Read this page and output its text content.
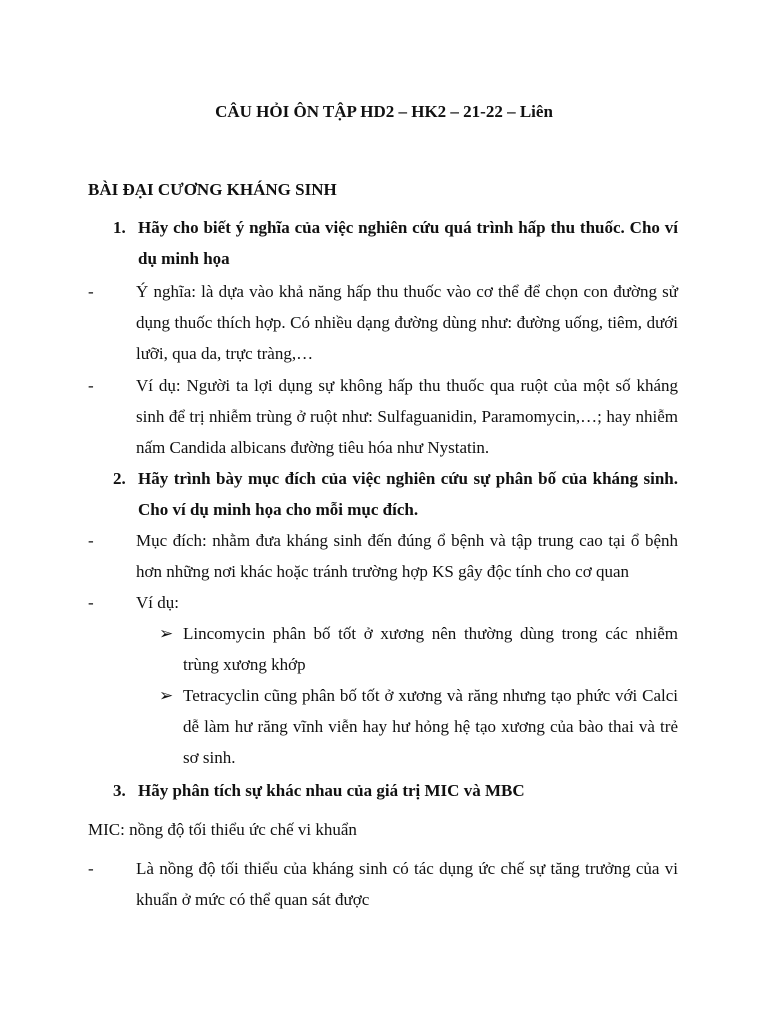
CÂU HỎI ÔN TẬP HD2 – HK2 – 21-22 – Liên
BÀI ĐẠI CƯƠNG KHÁNG SINH
1. Hãy cho biết ý nghĩa của việc nghiên cứu quá trình hấp thu thuốc. Cho ví dụ minh họa
-	Ý nghĩa: là dựa vào khả năng hấp thu thuốc vào cơ thể để chọn con đường sử dụng thuốc thích hợp. Có nhiều dạng đường dùng như: đường uống, tiêm, dưới lưỡi, qua da, trực tràng,…
-	Ví dụ: Người ta lợi dụng sự không hấp thu thuốc qua ruột của một số kháng sinh để trị nhiễm trùng ở ruột như: Sulfaguanidin, Paramomycin,…; hay nhiễm nấm Candida albicans đường tiêu hóa như Nystatin.
2. Hãy trình bày mục đích của việc nghiên cứu sự phân bố của kháng sinh. Cho ví dụ minh họa cho mỗi mục đích.
-	Mục đích: nhằm đưa kháng sinh đến đúng ổ bệnh và tập trung cao tại ổ bệnh hơn những nơi khác hoặc tránh trường hợp KS gây độc tính cho cơ quan
-	Ví dụ:
➢ Lincomycin phân bố tốt ở xương nên thường dùng trong các nhiễm trùng xương khớp
➢ Tetracyclin cũng phân bố tốt ở xương và răng nhưng tạo phức với Calci dễ làm hư răng vĩnh viễn hay hư hỏng hệ tạo xương của bào thai và trẻ sơ sinh.
3. Hãy phân tích sự khác nhau của giá trị MIC và MBC
MIC: nồng độ tối thiểu ức chế vi khuẩn
-	Là nồng độ tối thiểu của kháng sinh có tác dụng ức chế sự tăng trưởng của vi khuẩn ở mức có thể quan sát được
